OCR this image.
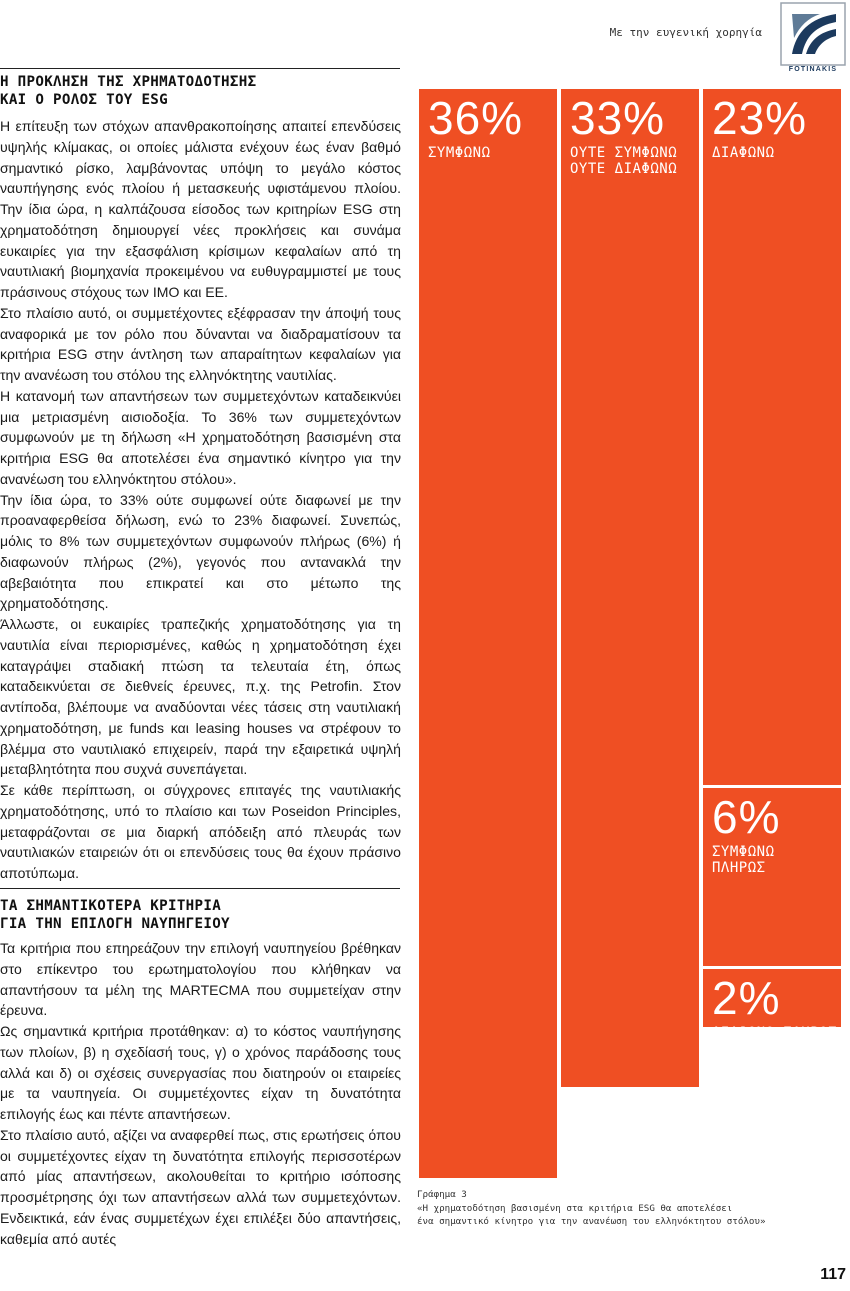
Με την ευγενική χορηγία
FOTINAKIS
Η ΠΡΟΚΛΗΣΗ ΤΗΣ ΧΡΗΜΑΤΟΔΟΤΗΣΗΣ
ΚΑΙ Ο ΡΟΛΟΣ ΤΟΥ ESG

Η επίτευξη των στόχων απανθρακοποίησης απαιτεί επενδύσεις υψηλής κλίμακας, οι οποίες μάλιστα ενέχουν έως έναν βαθμό σημαντικό ρίσκο, λαμβάνοντας υπόψη το μεγάλο κόστος ναυπήγησης ενός πλοίου ή μετασκευής υφιστάμενου πλοίου. Την ίδια ώρα, η καλπάζουσα είσοδος των κριτηρίων ESG στη χρηματοδότηση δημιουργεί νέες προκλήσεις και συνάμα ευκαιρίες για την εξασφάλιση κρίσιμων κεφαλαίων από τη ναυτιλιακή βιομηχανία προκειμένου να ευθυγραμμιστεί με τους πράσινους στόχους των ΙΜΟ και ΕΕ.

Στο πλαίσιο αυτό, οι συμμετέχοντες εξέφρασαν την άποψή τους αναφορικά με τον ρόλο που δύνανται να διαδραματίσουν τα κριτήρια ESG στην άντληση των απαραίτητων κεφαλαίων για την ανανέωση του στόλου της ελληνόκτητης ναυτιλίας.

Η κατανομή των απαντήσεων των συμμετεχόντων καταδεικνύει μια μετριασμένη αισιοδοξία. Το 36% των συμμετεχόντων συμφωνούν με τη δήλωση «Η χρηματοδότηση βασισμένη στα κριτήρια ESG θα αποτελέσει ένα σημαντικό κίνητρο για την ανανέωση του ελληνόκτητου στόλου».

Την ίδια ώρα, το 33% ούτε συμφωνεί ούτε διαφωνεί με την προαναφερθείσα δήλωση, ενώ το 23% διαφωνεί. Συνεπώς, μόλις το 8% των συμμετεχόντων συμφωνούν πλήρως (6%) ή διαφωνούν πλήρως (2%), γεγονός που αντανακλά την αβεβαιότητα που επικρατεί και στο μέτωπο της χρηματοδότησης.

Άλλωστε, οι ευκαιρίες τραπεζικής χρηματοδότησης για τη ναυτιλία είναι περιορισμένες, καθώς η χρηματοδότηση έχει καταγράψει σταδιακή πτώση τα τελευταία έτη, όπως καταδεικνύεται σε διεθνείς έρευνες, π.χ. της Petrofin. Στον αντίποδα, βλέπουμε να αναδύονται νέες τάσεις στη ναυτιλιακή χρηματοδότηση, με funds και leasing houses να στρέφουν το βλέμμα στο ναυτιλιακό επιχειρείν, παρά την εξαιρετικά υψηλή μεταβλητότητα που συχνά συνεπάγεται.

Σε κάθε περίπτωση, οι σύγχρονες επιταγές της ναυτιλιακής χρηματοδότησης, υπό το πλαίσιο και των Poseidon Principles, μεταφράζονται σε μια διαρκή απόδειξη από πλευράς των ναυτιλιακών εταιρειών ότι οι επενδύσεις τους θα έχουν πράσινο αποτύπωμα.

ΤΑ ΣΗΜΑΝΤΙΚΟΤΕΡΑ ΚΡΙΤΗΡΙΑ
ΓΙΑ ΤΗΝ ΕΠΙΛΟΓΗ ΝΑΥΠΗΓΕΙΟΥ

Τα κριτήρια που επηρεάζουν την επιλογή ναυπηγείου βρέθηκαν στο επίκεντρο του ερωτηματολογίου που κλήθηκαν να απαντήσουν τα μέλη της MARTECMA που συμμετείχαν στην έρευνα.

Ως σημαντικά κριτήρια προτάθηκαν: α) το κόστος ναυπήγησης των πλοίων, β) η σχεδίασή τους, γ) ο χρόνος παράδοσης τους αλλά και δ) οι σχέσεις συνεργασίας που διατηρούν οι εταιρείες με τα ναυπηγεία. Οι συμμετέχοντες είχαν τη δυνατότητα επιλογής έως και πέντε απαντήσεων.

Στο πλαίσιο αυτό, αξίζει να αναφερθεί πως, στις ερωτήσεις όπου οι συμμετέχοντες είχαν τη δυνατότητα επιλογής περισσοτέρων από μίας απαντήσεων, ακολουθείται το κριτήριο ισόποσης προσμέτρησης όχι των απαντήσεων αλλά των συμμετεχόντων. Ενδεικτικά, εάν ένας συμμετέχων έχει επιλέξει δύο απαντήσεις, καθεμία από αυτές

36%
ΣΥΜΦΩΝΩ
33%
ΟΥΤΕ ΣΥΜΦΩΝΩ
ΟΥΤΕ ΔΙΑΦΩΝΩ
23%
ΔΙΑΦΩΝΩ
6%
ΣΥΜΦΩΝΩ
ΠΛΗΡΩΣ
2%
ΔΙΑΦΩΝΩ ΠΛΗΡΩΣ
Γράφημα 3
«Η χρηματοδότηση βασισμένη στα κριτήρια ESG θα αποτελέσει
ένα σημαντικό κίνητρο για την ανανέωση του ελληνόκτητου στόλου»
117
